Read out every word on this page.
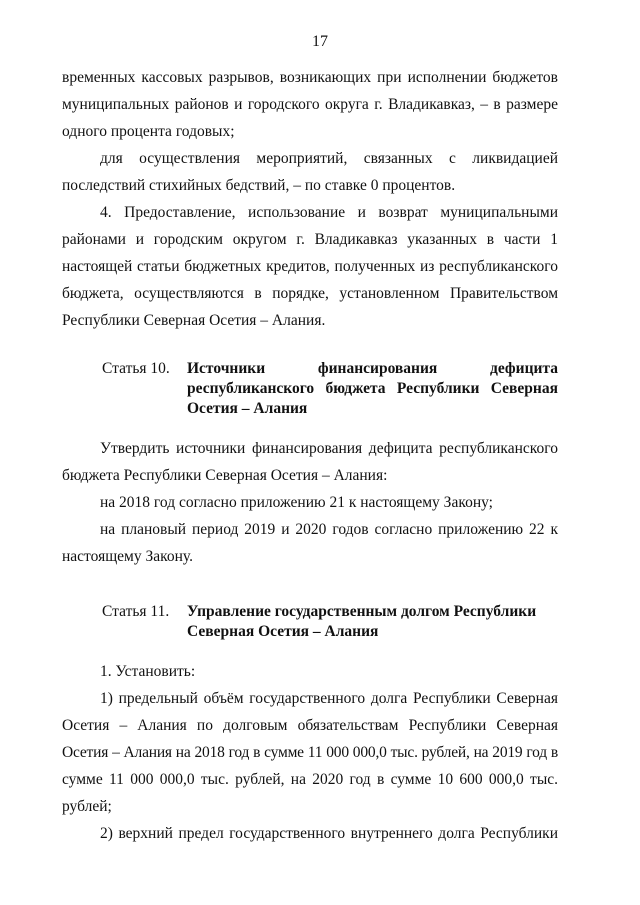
17
временных кассовых разрывов, возникающих при исполнении бюджетов
муниципальных районов и городского округа г. Владикавказ, – в размере
одного процента годовых;
для осуществления мероприятий, связанных с ликвидацией
последствий стихийных бедствий, – по ставке 0 процентов.
4. Предоставление, использование и возврат муниципальными
районами и городским округом г. Владикавказ указанных в части 1
настоящей статьи бюджетных кредитов, полученных из республиканского
бюджета, осуществляются в порядке, установленном Правительством
Республики Северная Осетия – Алания.
Статья 10. Источники финансирования дефицита
республиканского бюджета Республики Северная
Осетия – Алания
Утвердить источники финансирования дефицита республиканского
бюджета Республики Северная Осетия – Алания:
на 2018 год согласно приложению 21 к настоящему Закону;
на плановый период 2019 и 2020 годов согласно приложению 22 к
настоящему Закону.
Статья 11. Управление государственным долгом Республики
Северная Осетия – Алания
1. Установить:
1) предельный объём государственного долга Республики Северная
Осетия – Алания по долговым обязательствам Республики Северная
Осетия – Алания на 2018 год в сумме 11 000 000,0 тыс. рублей, на 2019 год в
сумме 11 000 000,0 тыс. рублей, на 2020 год в сумме 10 600 000,0 тыс.
рублей;
2) верхний предел государственного внутреннего долга Республики
